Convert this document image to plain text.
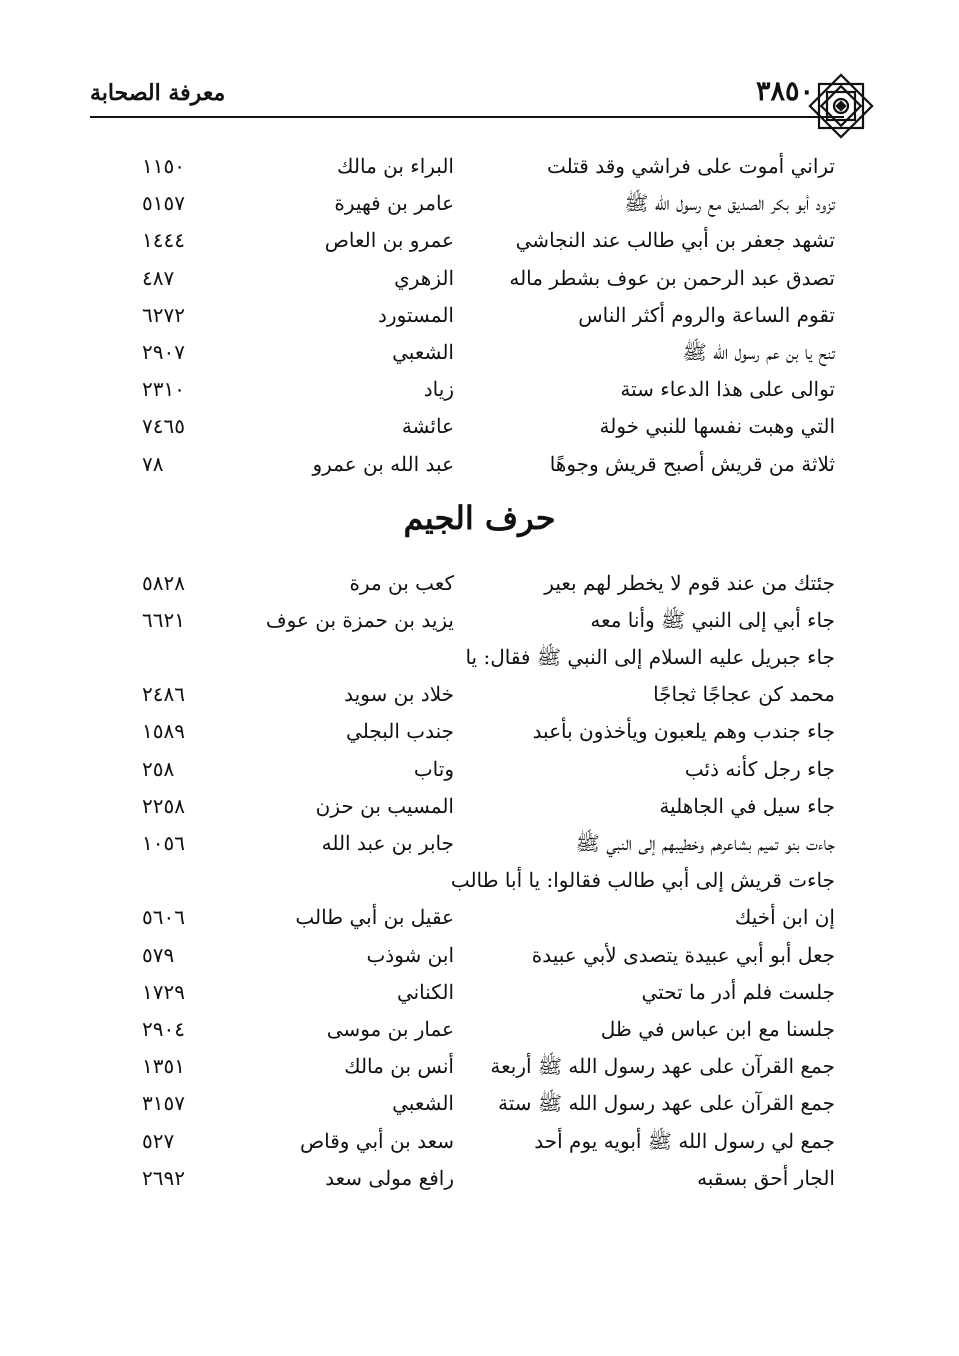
معرفة الصحابة	٣٨٥٠
تراني أموت على فراشي وقد قتلت
البراء بن مالك
١١٥٠
تزود أبو بكر الصديق مع رسول الله ﷺ
عامر بن فهيرة
٥١٥٧
تشهد جعفر بن أبي طالب عند النجاشي
عمرو بن العاص
١٤٤٤
تصدق عبد الرحمن بن عوف بشطر ماله
الزهري
٤٨٧
تقوم الساعة والروم أكثر الناس
المستورد
٦٢٧٢
تنح يا بن عم رسول الله ﷺ
الشعبي
٢٩٠٧
توالى على هذا الدعاء ستة
زياد
٢٣١٠
التي وهبت نفسها للنبي خولة
عائشة
٧٤٦٥
ثلاثة من قريش أصبح قريش وجوهًا
عبد الله بن عمرو
٧٨
حرف الجيم
جئتك من عند قوم لا يخطر لهم بعير
كعب بن مرة
٥٨٢٨
جاء أبي إلى النبي ﷺ وأنا معه
يزيد بن حمزة بن عوف
٦٦٢١
جاء جبريل عليه السلام إلى النبي ﷺ فقال: يا
محمد كن عجاجًا ثجاجًا
خلاد بن سويد
٢٤٨٦
جاء جندب وهم يلعبون ويأخذون بأعبد
جندب البجلي
١٥٨٩
جاء رجل كأنه ذئب
وتاب
٢٥٨
جاء سيل في الجاهلية
المسيب بن حزن
٢٢٥٨
جاءت بنو تميم بشاعرهم وخطيبهم إلى النبي ﷺ
جابر بن عبد الله
١٠٥٦
جاءت قريش إلى أبي طالب فقالوا: يا أبا طالب
إن ابن أخيك
عقيل بن أبي طالب
٥٦٠٦
جعل أبو أبي عبيدة يتصدى لأبي عبيدة
ابن شوذب
٥٧٩
جلست فلم أدر ما تحتي
الكناني
١٧٢٩
جلسنا مع ابن عباس في ظل
عمار بن موسى
٢٩٠٤
جمع القرآن على عهد رسول الله ﷺ أربعة
أنس بن مالك
١٣٥١
جمع القرآن على عهد رسول الله ﷺ ستة
الشعبي
٣١٥٧
جمع لي رسول الله ﷺ أبويه يوم أحد
سعد بن أبي وقاص
٥٢٧
الجار أحق بسقبه
رافع مولى سعد
٢٦٩٢
